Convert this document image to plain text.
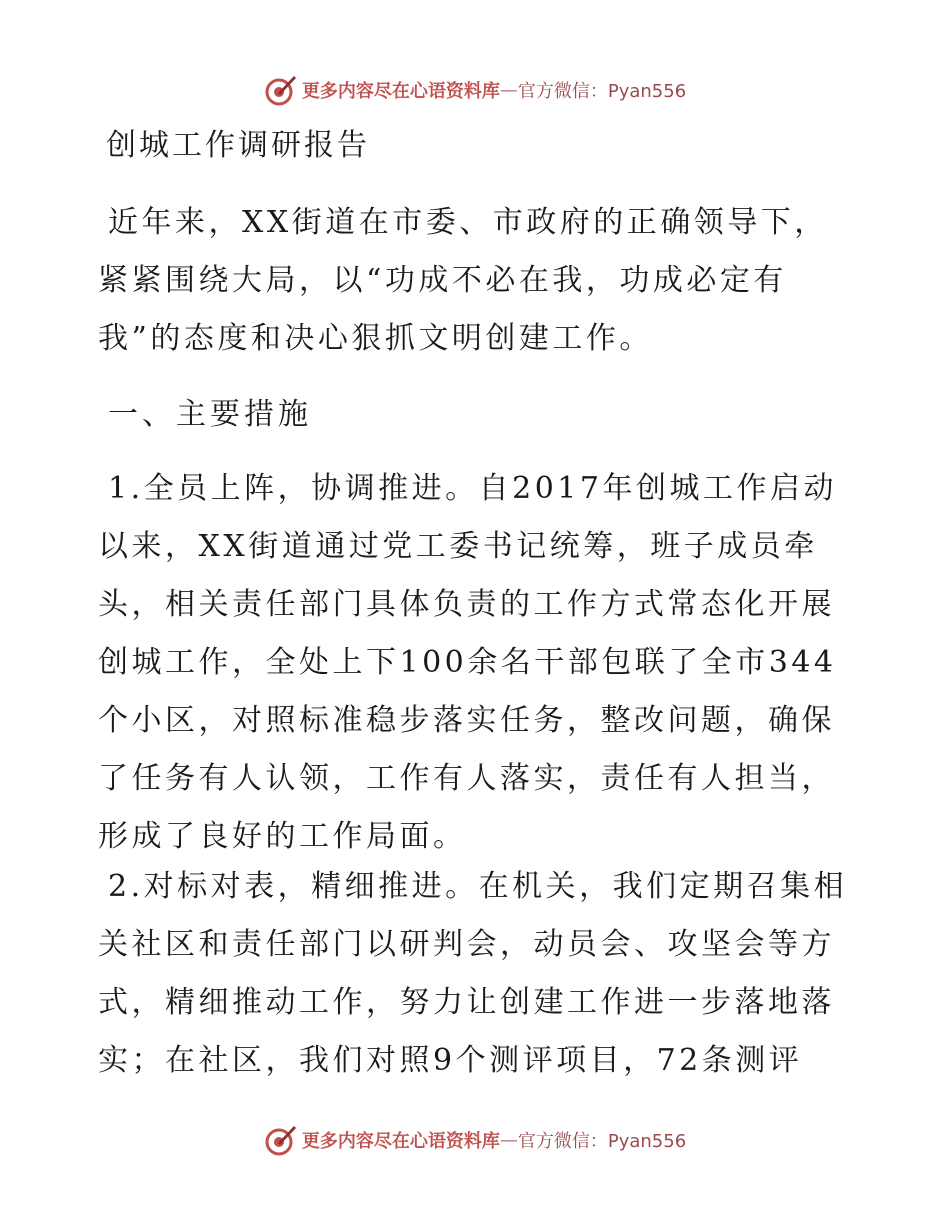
更多内容尽在心语资料库 — 官方微信：Pyan556
创城工作调研报告

近年来，XX街道在市委、市政府的正确领导下，紧紧围绕大局，以“功成不必在我，功成必定有我”的态度和决心狠抓文明创建工作。

一、主要措施

1.全员上阵，协调推进。自2017年创城工作启动以来，XX街道通过党工委书记统筹，班子成员牵头，相关责任部门具体负责的工作方式常态化开展创城工作，全处上下100余名干部包联了全市344个小区，对照标准稳步落实任务，整改问题，确保了任务有人认领，工作有人落实，责任有人担当，形成了良好的工作局面。

2.对标对表，精细推进。在机关，我们定期召集相关社区和责任部门以研判会，动员会、攻坚会等方式，精细推动工作，努力让创建工作进一步落地落实；在社区，我们对照9个测评项目，72条测评

更多内容尽在心语资料库 — 官方微信：Pyan556
